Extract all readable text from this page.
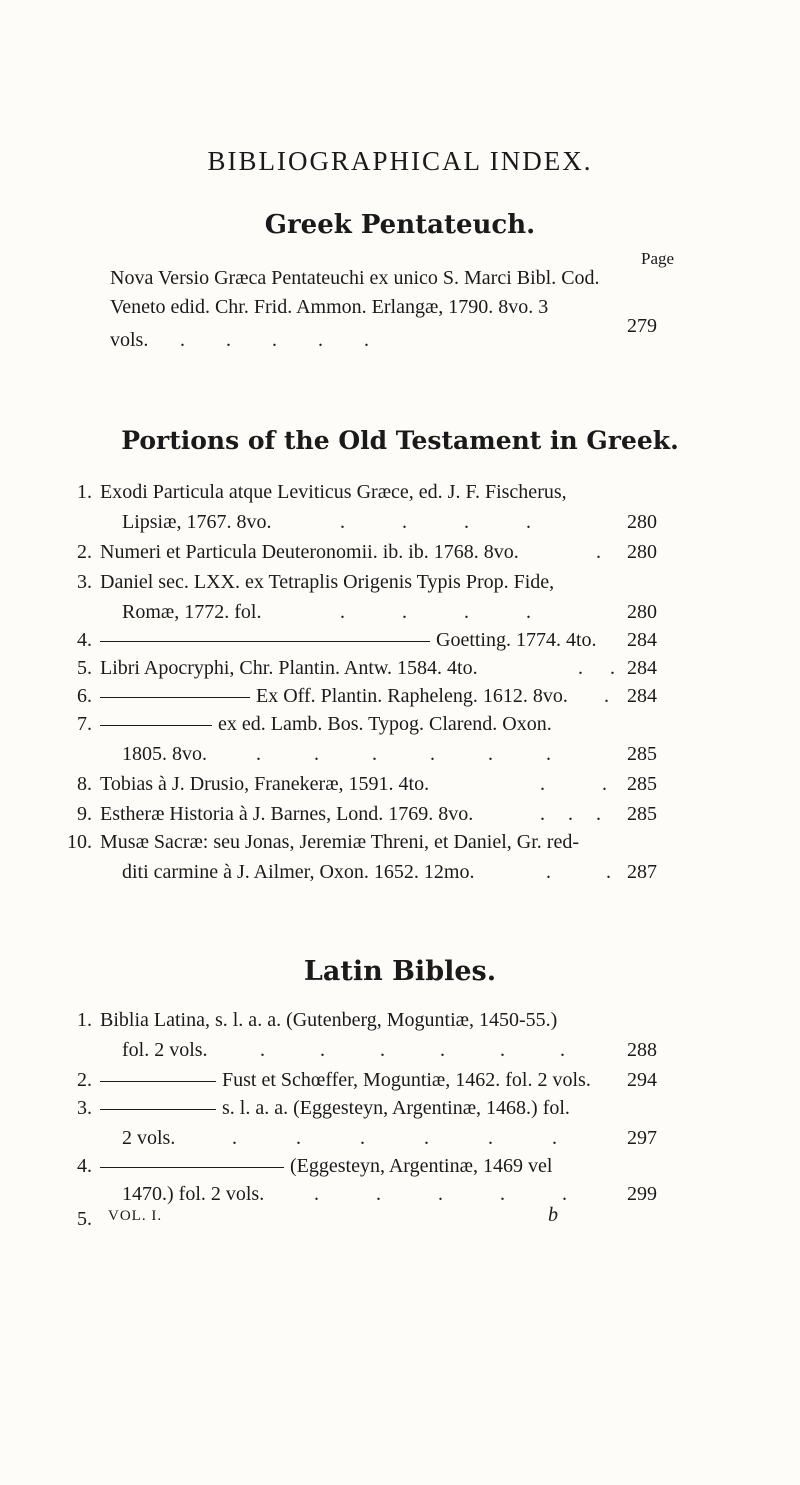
BIBLIOGRAPHICAL INDEX.
Greek Pentateuch.
Page
Nova Versio Græca Pentateuchi ex unico S. Marci Bibl. Cod.
Veneto edid. Chr. Frid. Ammon. Erlangæ, 1790. 8vo. 3
vols. . . . . .
279
Portions of the Old Testament in Greek.
1. Exodi Particula atque Leviticus Græce, ed. J. F. Fischerus,
Lipsiæ, 1767. 8vo.	. . . .	280
2. Numeri et Particula Deuteronomii. ib. ib. 1768. 8vo.	.	280
3. Daniel sec. LXX. ex Tetraplis Origenis Typis Prop. Fide,
Romæ, 1772. fol.	. . . .	280
4.	Goetting. 1774. 4to.	284
5. Libri Apocryphi, Chr. Plantin. Antw. 1584. 4to.	. . 284
6.	Ex Off. Plantin. Rapheleng. 1612. 8vo. . 284
7.	ex ed. Lamb. Bos. Typog. Clarend. Oxon.
1805. 8vo. . . . . . .	285
8. Tobias à J. Drusio, Franekeræ, 1591. 4to.	. .	285
9. Estheræ Historia à J. Barnes, Lond. 1769. 8vo.	. . .	285
10. Musæ Sacræ: seu Jonas, Jeremiæ Threni, et Daniel, Gr. red-
diti carmine à J. Ailmer, Oxon. 1652. 12mo.	. . 287
Latin Bibles.
1. Biblia Latina, s. l. a. a. (Gutenberg, Moguntiæ, 1450-55.)
fol. 2 vols.	. . . . . .	288
2.	Fust et Schœffer, Moguntiæ, 1462. fol. 2 vols.	294
3.	s. l. a. a. (Eggesteyn, Argentinæ, 1468.) fol.
2 vols.	. . . . . .	297
4.	(Eggesteyn, Argentinæ, 1469 vel
1470.) fol. 2 vols. . . . . .	299
VOL. I.	b
5.
